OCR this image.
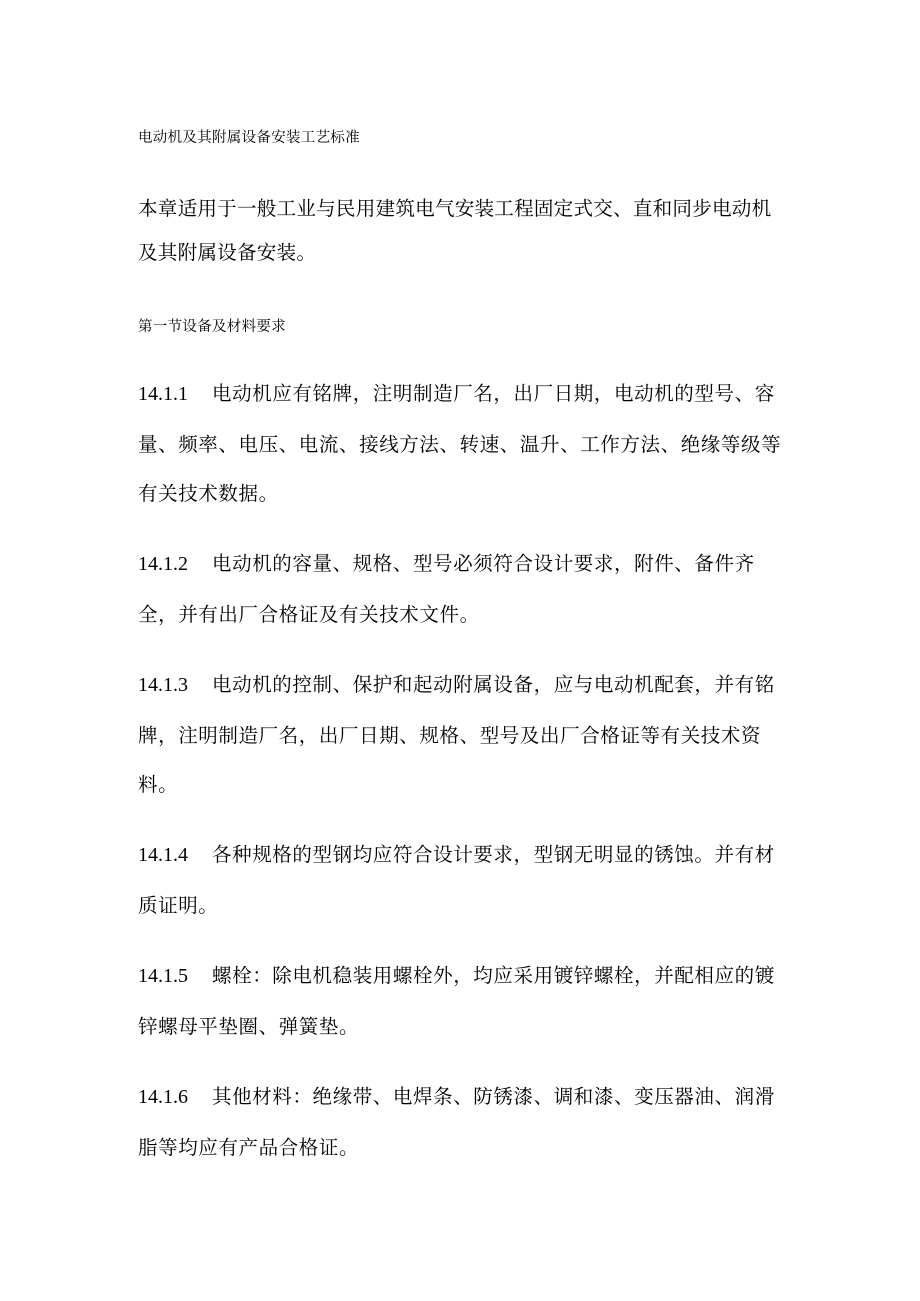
电动机及其附属设备安装工艺标准
本章适用于一般工业与民用建筑电气安装工程固定式交、直和同步电动机及其附属设备安装。
第一节设备及材料要求
14.1.1 电动机应有铭牌，注明制造厂名，出厂日期，电动机的型号、容量、频率、电压、电流、接线方法、转速、温升、工作方法、绝缘等级等有关技术数据。
14.1.2 电动机的容量、规格、型号必须符合设计要求，附件、备件齐全，并有出厂合格证及有关技术文件。
14.1.3 电动机的控制、保护和起动附属设备，应与电动机配套，并有铭牌，注明制造厂名，出厂日期、规格、型号及出厂合格证等有关技术资料。
14.1.4 各种规格的型钢均应符合设计要求，型钢无明显的锈蚀。并有材质证明。
14.1.5 螺栓：除电机稳装用螺栓外，均应采用镀锌螺栓，并配相应的镀锌螺母平垫圈、弹簧垫。
14.1.6 其他材料：绝缘带、电焊条、防锈漆、调和漆、变压器油、润滑脂等均应有产品合格证。
